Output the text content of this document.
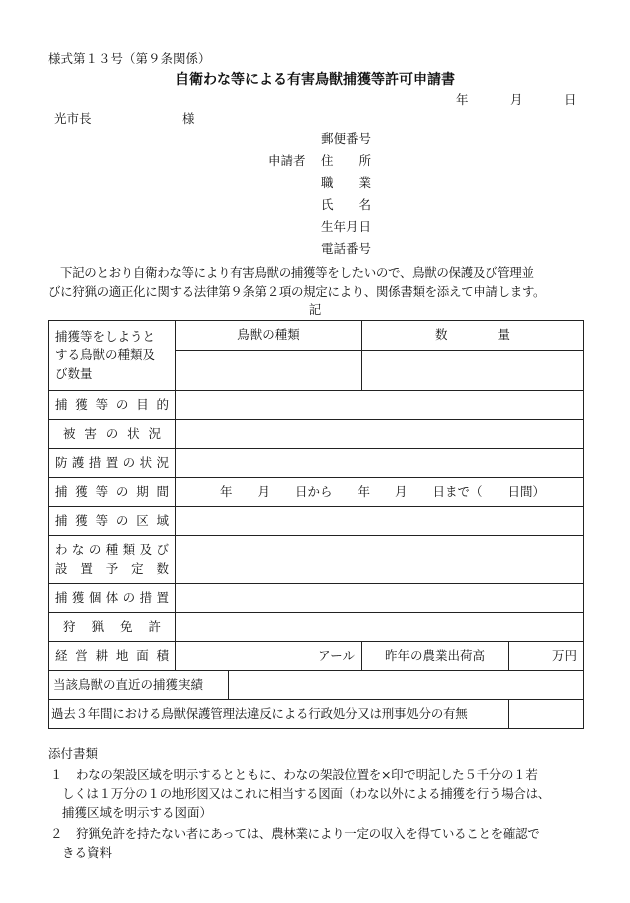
様式第１３号（第９条関係）
自衛わな等による有害鳥獣捕獲等許可申請書
年	月	日
光市長	様
申請者
郵便番号
住　　所
職　　業
氏　　名
生年月日
電話番号
下記のとおり自衛わな等により有害鳥獣の捕獲等をしたいので、鳥獣の保護及び管理並
びに狩猟の適正化に関する法律第９条第２項の規定により、関係書類を添えて申請します。
記
捕獲等をしようと
する鳥獣の種類及
び数量	鳥獣の種類		数　　　　量	

捕獲等の目的				

被害の状況				

防護措置の状況				

捕獲等の期間	年　　月　　日から　　年　　月　　日まで（　　日間）			

捕獲等の区域				

わなの種類及び
設置予定数				

捕獲個体の措置				

狩猟免許				

経営耕地面積	アール		昨年の農業出荷高	万円
当該鳥獣の直近の捕獲実績				
過去３年間における鳥獣保護管理法違反による行政処分又は刑事処分の有無				
添付書類
１ わなの架設区域を明示するとともに、わなの架設位置を×印で明記した５千分の１若
しくは１万分の１の地形図又はこれに相当する図面（わな以外による捕獲を行う場合は、
捕獲区域を明示する図面）
２ 狩猟免許を持たない者にあっては、農林業により一定の収入を得ていることを確認で
きる資料
